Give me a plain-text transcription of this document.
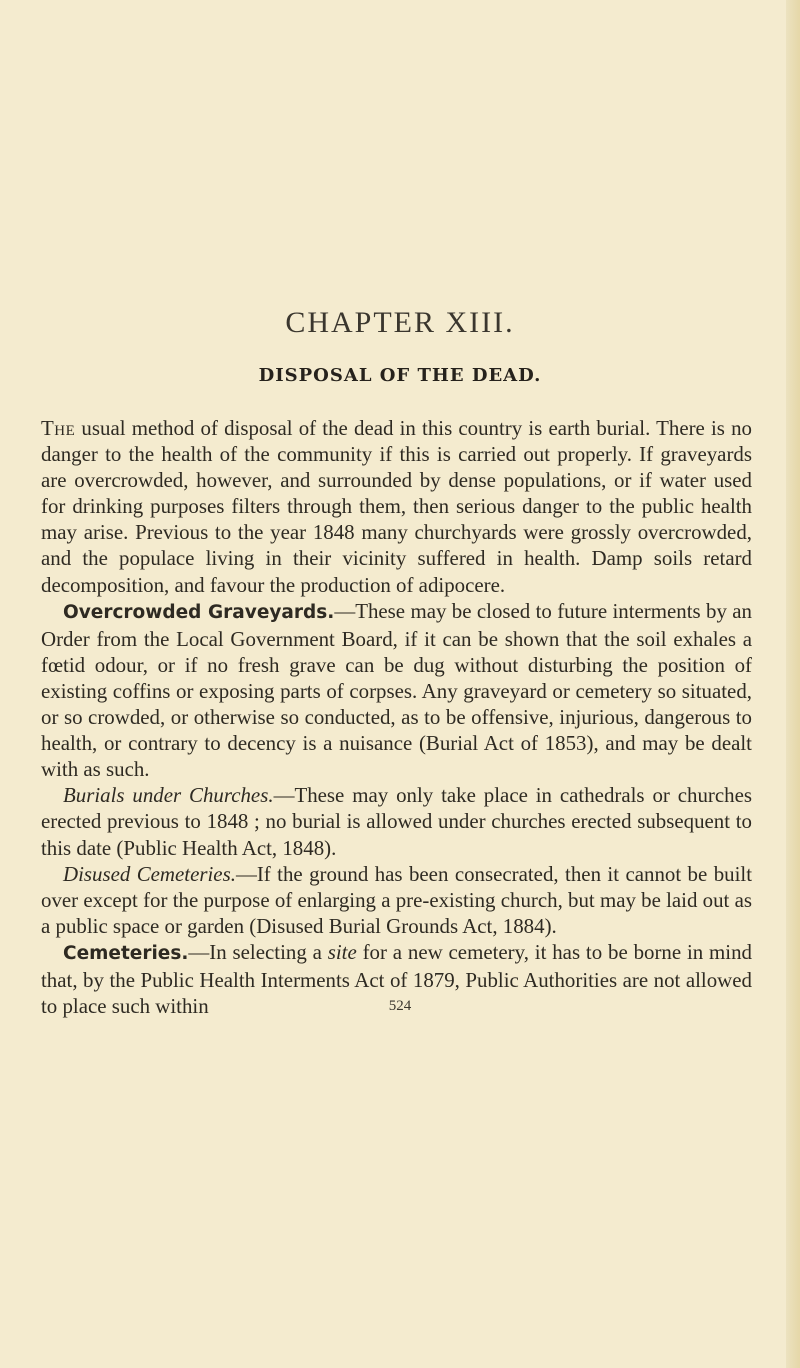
CHAPTER XIII.
DISPOSAL OF THE DEAD.

The usual method of disposal of the dead in this country is earth burial. There is no danger to the health of the community if this is carried out properly. If graveyards are overcrowded, however, and surrounded by dense populations, or if water used for drinking purposes filters through them, then serious danger to the public health may arise. Previous to the year 1848 many churchyards were grossly overcrowded, and the populace living in their vicinity suffered in health. Damp soils retard decomposition, and favour the production of adipocere.

Overcrowded Graveyards.—These may be closed to future interments by an Order from the Local Government Board, if it can be shown that the soil exhales a fœtid odour, or if no fresh grave can be dug without disturbing the position of existing coffins or exposing parts of corpses. Any graveyard or cemetery so situated, or so crowded, or otherwise so conducted, as to be offensive, injurious, dangerous to health, or contrary to decency is a nuisance (Burial Act of 1853), and may be dealt with as such.

Burials under Churches.—These may only take place in cathedrals or churches erected previous to 1848 ; no burial is allowed under churches erected subsequent to this date (Public Health Act, 1848).

Disused Cemeteries.—If the ground has been consecrated, then it cannot be built over except for the purpose of enlarging a pre-existing church, but may be laid out as a public space or garden (Disused Burial Grounds Act, 1884).

Cemeteries.—In selecting a site for a new cemetery, it has to be borne in mind that, by the Public Health Interments Act of 1879, Public Authorities are not allowed to place such within	524
